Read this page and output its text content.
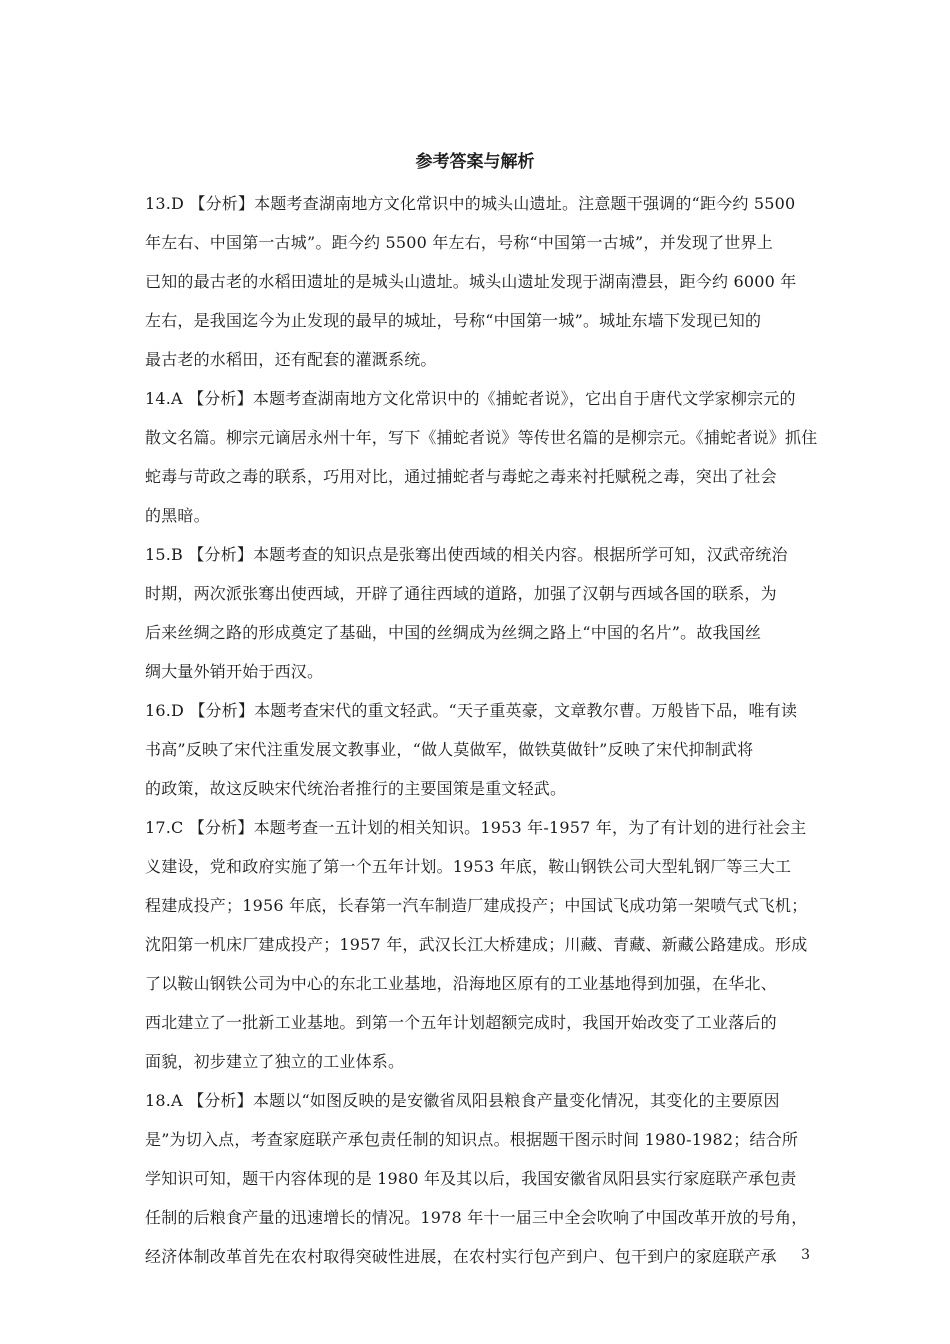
参考答案与解析
13.D 【分析】本题考查湖南地方文化常识中的城头山遗址。注意题干强调的“距今约 5500
年左右、中国第一古城”。距今约 5500 年左右，号称“中国第一古城”，并发现了世界上
已知的最古老的水稻田遗址的是城头山遗址。城头山遗址发现于湖南澧县，距今约 6000 年
左右，是我国迄今为止发现的最早的城址，号称“中国第一城”。城址东墙下发现已知的
最古老的水稻田，还有配套的灌溉系统。
14.A 【分析】本题考查湖南地方文化常识中的《捕蛇者说》，它出自于唐代文学家柳宗元的
散文名篇。柳宗元谪居永州十年，写下《捕蛇者说》等传世名篇的是柳宗元。《捕蛇者说》抓住
蛇毒与苛政之毒的联系，巧用对比，通过捕蛇者与毒蛇之毒来衬托赋税之毒，突出了社会
的黑暗。
15.B 【分析】本题考查的知识点是张骞出使西域的相关内容。根据所学可知，汉武帝统治
时期，两次派张骞出使西域，开辟了通往西域的道路，加强了汉朝与西域各国的联系，为
后来丝绸之路的形成奠定了基础，中国的丝绸成为丝绸之路上“中国的名片”。故我国丝
绸大量外销开始于西汉。
16.D 【分析】本题考查宋代的重文轻武。“天子重英豪，文章教尔曹。万般皆下品，唯有读
书高”反映了宋代注重发展文教事业，“做人莫做军，做铁莫做针”反映了宋代抑制武将
的政策，故这反映宋代统治者推行的主要国策是重文轻武。
17.C 【分析】本题考查一五计划的相关知识。1953 年-1957 年，为了有计划的进行社会主
义建设，党和政府实施了第一个五年计划。1953 年底，鞍山钢铁公司大型轧钢厂等三大工
程建成投产；1956 年底，长春第一汽车制造厂建成投产；中国试飞成功第一架喷气式飞机；
沈阳第一机床厂建成投产；1957 年，武汉长江大桥建成；川藏、青藏、新藏公路建成。形成
了以鞍山钢铁公司为中心的东北工业基地，沿海地区原有的工业基地得到加强，在华北、
西北建立了一批新工业基地。到第一个五年计划超额完成时，我国开始改变了工业落后的
面貌，初步建立了独立的工业体系。
18.A 【分析】本题以“如图反映的是安徽省凤阳县粮食产量变化情况，其变化的主要原因
是”为切入点，考查家庭联产承包责任制的知识点。根据题干图示时间 1980-1982；结合所
学知识可知，题干内容体现的是 1980 年及其以后，我国安徽省凤阳县实行家庭联产承包责
任制的后粮食产量的迅速增长的情况。1978 年十一届三中全会吹响了中国改革开放的号角，
经济体制改革首先在农村取得突破性进展，在农村实行包产到户、包干到户的家庭联产承	3
